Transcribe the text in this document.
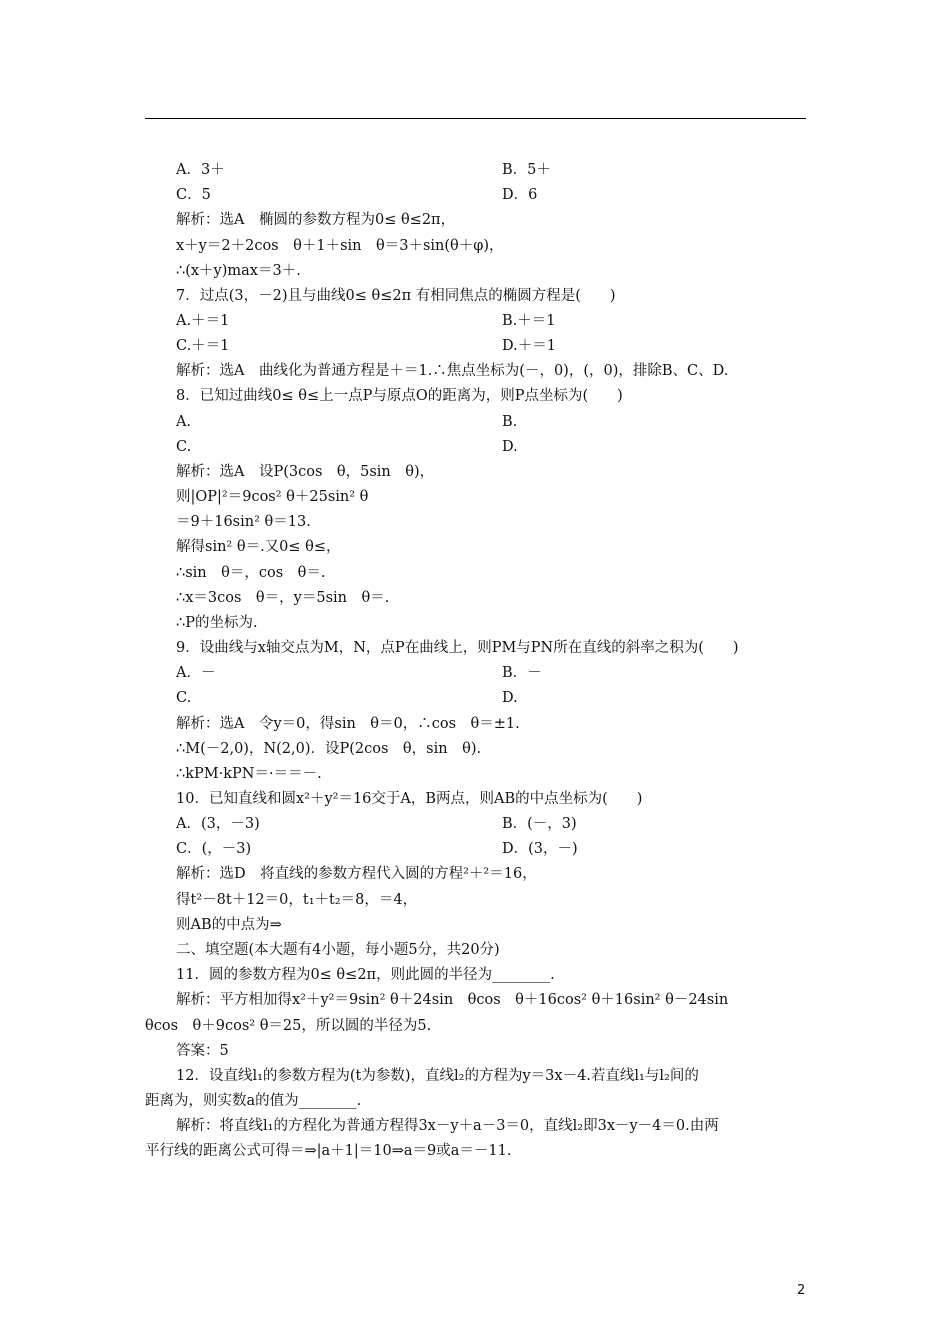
A．3＋	B．5＋
C．5	D．6
解析：选A　椭圆的参数方程为0≤ θ≤2π，
x＋y＝2＋2cos　θ＋1＋sin　θ＝3＋sin(θ＋φ)，
∴(x＋y)max＝3＋.
7．过点(3，－2)且与曲线0≤ θ≤2π 有相同焦点的椭圆方程是(　　)
A.＋＝1	B.＋＝1
C.＋＝1	D.＋＝1
解析：选A　曲线化为普通方程是＋＝1.∴焦点坐标为(－，0)，(，0)，排除B、C、D.
8．已知过曲线0≤ θ≤上一点P与原点O的距离为，则P点坐标为(　　)
A.	B.
C.	D.
解析：选A　设P(3cos　θ，5sin　θ)，
则|OP|²＝9cos² θ＋25sin² θ
＝9＋16sin² θ＝13.
解得sin² θ＝.又0≤ θ≤，
∴sin　θ＝，cos　θ＝.
∴x＝3cos　θ＝，y＝5sin　θ＝.
∴P的坐标为.
9．设曲线与x轴交点为M，N，点P在曲线上，则PM与PN所在直线的斜率之积为(　　)
A．－	B．－
C.	D.
解析：选A　令y＝0，得sin　θ＝0，∴cos　θ＝±1.
∴M(－2,0)，N(2,0)．设P(2cos　θ，sin　θ).
∴kPM·kPN＝·＝＝－.
10．已知直线和圆x²＋y²＝16交于A，B两点，则AB的中点坐标为(　　)
A．(3，－3)	B．(－，3)
C．(，－3)	D．(3，－)
解析：选D　将直线的参数方程代入圆的方程²＋²＝16，
得t²－8t＋12＝0，t₁＋t₂＝8，＝4，
则AB的中点为⇒
二、填空题(本大题有4小题，每小题5分，共20分)
11．圆的参数方程为0≤ θ≤2π，则此圆的半径为________.
解析：平方相加得x²＋y²＝9sin² θ＋24sin　θcos　θ＋16cos² θ＋16sin² θ－24sin
θcos　θ＋9cos² θ＝25，所以圆的半径为5.
答案：5
12．设直线l₁的参数方程为(t为参数)，直线l₂的方程为y＝3x－4.若直线l₁与l₂间的
距离为，则实数a的值为________.
解析：将直线l₁的方程化为普通方程得3x－y＋a－3＝0，直线l₂即3x－y－4＝0.由两
平行线的距离公式可得＝⇒|a＋1|＝10⇒a＝9或a＝－11.
2
